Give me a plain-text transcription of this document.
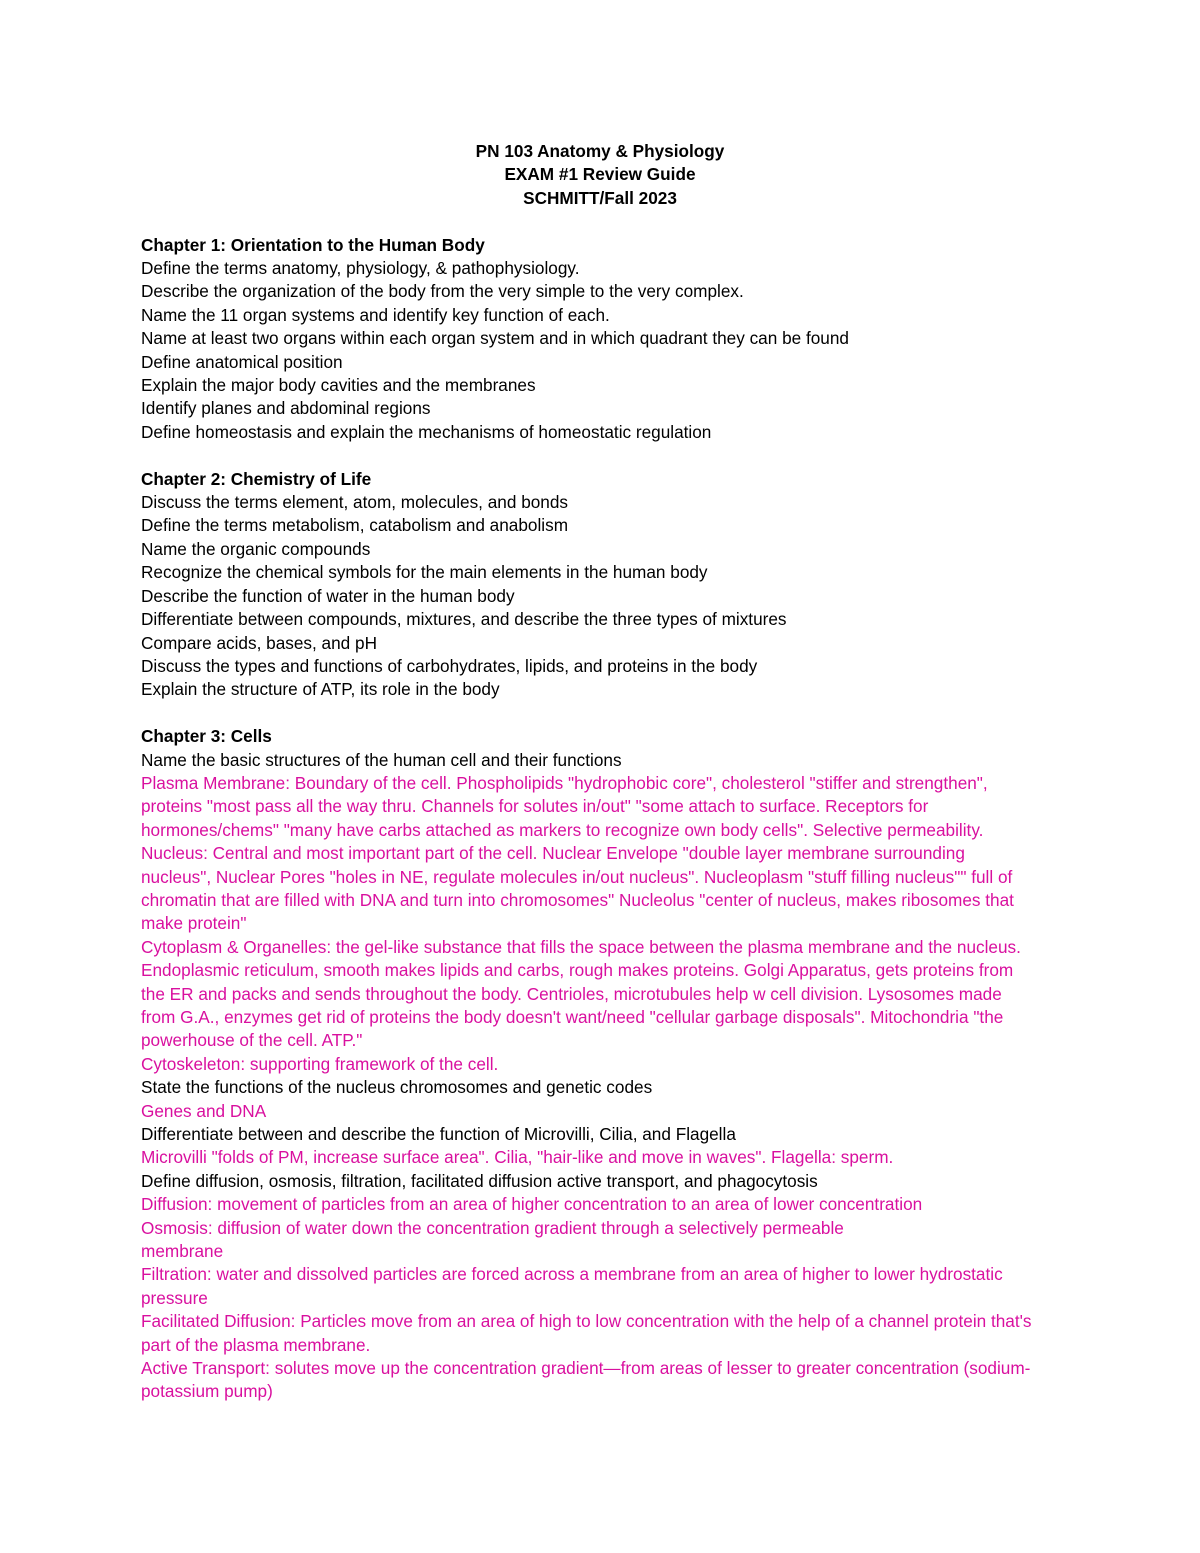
PN 103 Anatomy & Physiology
EXAM #1 Review Guide
SCHMITT/Fall 2023
Chapter 1: Orientation to the Human Body
Define the terms anatomy, physiology, & pathophysiology.
Describe the organization of the body from the very simple to the very complex.
Name the 11 organ systems and identify key function of each.
Name at least two organs within each organ system and in which quadrant they can be found
Define anatomical position
Explain the major body cavities and the membranes
Identify planes and abdominal regions
Define homeostasis and explain the mechanisms of homeostatic regulation
Chapter 2: Chemistry of Life
Discuss the terms element, atom, molecules, and bonds
Define the terms metabolism, catabolism and anabolism
Name the organic compounds
Recognize the chemical symbols for the main elements in the human body
Describe the function of water in the human body
Differentiate between compounds, mixtures, and describe the three types of mixtures
Compare acids, bases, and pH
Discuss the types and functions of carbohydrates, lipids, and proteins in the body
Explain the structure of ATP, its role in the body
Chapter 3: Cells
Name the basic structures of the human cell and their functions
Plasma Membrane: Boundary of the cell. Phospholipids "hydrophobic core", cholesterol "stiffer and strengthen",
proteins "most pass all the way thru. Channels for solutes in/out" "some attach to surface. Receptors for
hormones/chems" "many have carbs attached as markers to recognize own body cells". Selective permeability.
Nucleus: Central and most important part of the cell. Nuclear Envelope "double layer membrane surrounding
nucleus", Nuclear Pores "holes in NE, regulate molecules in/out nucleus". Nucleoplasm "stuff filling nucleus"" full of
chromatin that are filled with DNA and turn into chromosomes" Nucleolus "center of nucleus, makes ribosomes that
make protein"
Cytoplasm & Organelles: the gel-like substance that fills the space between the plasma membrane and the nucleus.
Endoplasmic reticulum, smooth makes lipids and carbs, rough makes proteins. Golgi Apparatus, gets proteins from
the ER and packs and sends throughout the body. Centrioles, microtubules help w cell division. Lysosomes made
from G.A., enzymes get rid of proteins the body doesn't want/need "cellular garbage disposals". Mitochondria "the
powerhouse of the cell. ATP."
Cytoskeleton: supporting framework of the cell.
State the functions of the nucleus chromosomes and genetic codes
Genes and DNA
Differentiate between and describe the function of Microvilli, Cilia, and Flagella
Microvilli "folds of PM, increase surface area". Cilia, "hair-like and move in waves". Flagella: sperm.
Define diffusion, osmosis, filtration, facilitated diffusion active transport, and phagocytosis
Diffusion: movement of particles from an area of higher concentration to an area of lower concentration
Osmosis: diffusion of water down the concentration gradient through a selectively permeable
membrane
Filtration: water and dissolved particles are forced across a membrane from an area of higher to lower hydrostatic
pressure
Facilitated Diffusion: Particles move from an area of high to low concentration with the help of a channel protein that's
part of the plasma membrane.
Active Transport: solutes move up the concentration gradient—from areas of lesser to greater concentration (sodium-
potassium pump)
